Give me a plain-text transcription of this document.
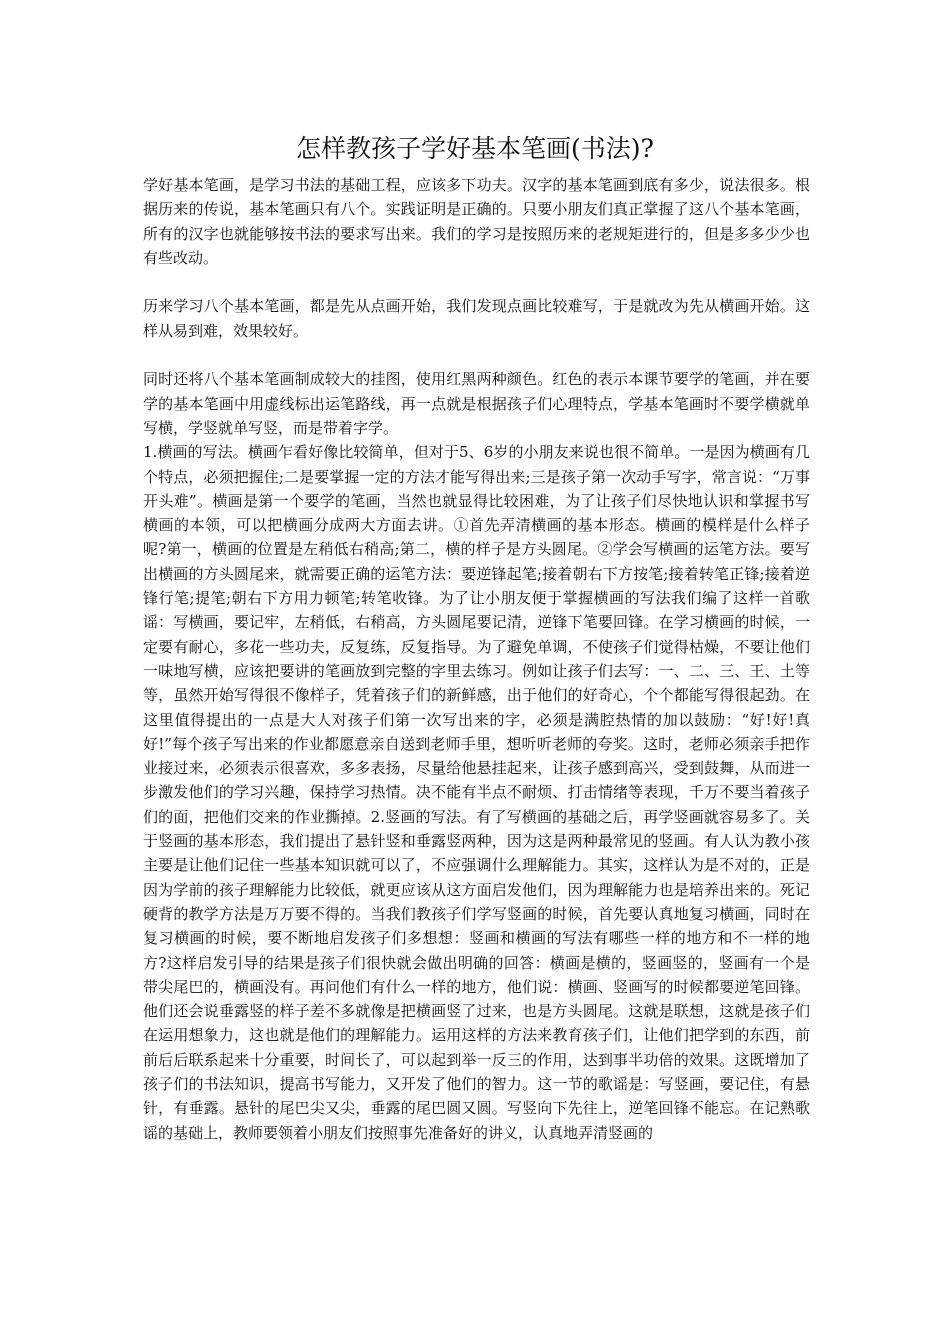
怎样教孩子学好基本笔画(书法)?

学好基本笔画，是学习书法的基础工程，应该多下功夫。汉字的基本笔画到底有多少，说法很多。根据历来的传说，基本笔画只有八个。实践证明是正确的。只要小朋友们真正掌握了这八个基本笔画，所有的汉字也就能够按书法的要求写出来。我们的学习是按照历来的老规矩进行的，但是多多少少也有些改动。

历来学习八个基本笔画，都是先从点画开始，我们发现点画比较难写，于是就改为先从横画开始。这样从易到难，效果较好。

同时还将八个基本笔画制成较大的挂图，使用红黑两种颜色。红色的表示本课节要学的笔画，并在要学的基本笔画中用虚线标出运笔路线，再一点就是根据孩子们心理特点，学基本笔画时不要学横就单写横，学竖就单写竖，而是带着字学。

1.横画的写法。横画乍看好像比较简单，但对于5、6岁的小朋友来说也很不简单。一是因为横画有几个特点，必须把握住;二是要掌握一定的方法才能写得出来;三是孩子第一次动手写字，常言说：“万事开头难”。横画是第一个要学的笔画，当然也就显得比较困难，为了让孩子们尽快地认识和掌握书写横画的本领，可以把横画分成两大方面去讲。①首先弄清横画的基本形态。横画的模样是什么样子呢?第一，横画的位置是左稍低右稍高;第二，横的样子是方头圆尾。②学会写横画的运笔方法。要写出横画的方头圆尾来，就需要正确的运笔方法：要逆锋起笔;接着朝右下方按笔;接着转笔正锋;接着逆锋行笔;提笔;朝右下方用力顿笔;转笔收锋。为了让小朋友便于掌握横画的写法我们编了这样一首歌谣：写横画，要记牢，左稍低，右稍高，方头圆尾要记清，逆锋下笔要回锋。在学习横画的时候，一定要有耐心，多花一些功夫，反复练，反复指导。为了避免单调，不使孩子们觉得枯燥，不要让他们一味地写横，应该把要讲的笔画放到完整的字里去练习。例如让孩子们去写：一、二、三、王、土等等，虽然开始写得很不像样子，凭着孩子们的新鲜感，出于他们的好奇心，个个都能写得很起劲。在这里值得提出的一点是大人对孩子们第一次写出来的字，必须是满腔热情的加以鼓励：“好!好!真好!”每个孩子写出来的作业都愿意亲自送到老师手里，想听听老师的夸奖。这时，老师必须亲手把作业接过来，必须表示很喜欢，多多表扬，尽量给他悬挂起来，让孩子感到高兴，受到鼓舞，从而进一步激发他们的学习兴趣，保持学习热情。决不能有半点不耐烦、打击情绪等表现，千万不要当着孩子们的面，把他们交来的作业撕掉。2.竖画的写法。有了写横画的基础之后，再学竖画就容易多了。关于竖画的基本形态，我们提出了悬针竖和垂露竖两种，因为这是两种最常见的竖画。有人认为教小孩主要是让他们记住一些基本知识就可以了，不应强调什么理解能力。其实，这样认为是不对的，正是因为学前的孩子理解能力比较低，就更应该从这方面启发他们，因为理解能力也是培养出来的。死记硬背的教学方法是万万要不得的。当我们教孩子们学写竖画的时候，首先要认真地复习横画，同时在复习横画的时候，要不断地启发孩子们多想想：竖画和横画的写法有哪些一样的地方和不一样的地方?这样启发引导的结果是孩子们很快就会做出明确的回答：横画是横的，竖画竖的，竖画有一个是带尖尾巴的，横画没有。再问他们有什么一样的地方，他们说：横画、竖画写的时候都要逆笔回锋。他们还会说垂露竖的样子差不多就像是把横画竖了过来，也是方头圆尾。这就是联想，这就是孩子们在运用想象力，这也就是他们的理解能力。运用这样的方法来教育孩子们，让他们把学到的东西，前前后后联系起来十分重要，时间长了，可以起到举一反三的作用，达到事半功倍的效果。这既增加了孩子们的书法知识，提高书写能力，又开发了他们的智力。这一节的歌谣是：写竖画，要记住，有悬针，有垂露。悬针的尾巴尖又尖，垂露的尾巴圆又圆。写竖向下先往上，逆笔回锋不能忘。在记熟歌谣的基础上，教师要领着小朋友们按照事先准备好的讲义，认真地弄清竖画的
